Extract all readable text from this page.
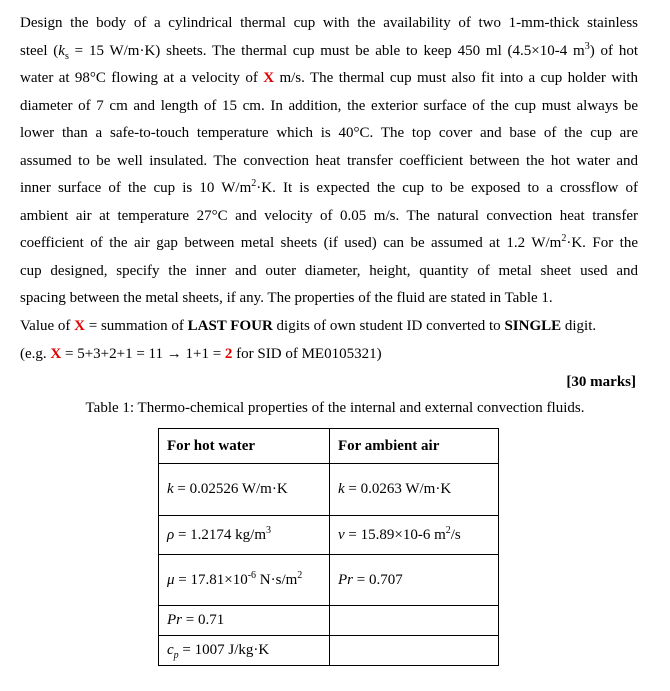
Design the body of a cylindrical thermal cup with the availability of two 1-mm-thick stainless
steel ($k_s = 15$ W/m·K) sheets. The thermal cup must be able to keep 450 ml (4.5×10-4 $m^3$) of hot
water at 98°C flowing at a velocity of X m/s. The thermal cup must also fit into a cup holder with
diameter of 7 cm and length of 15 cm. In addition, the exterior surface of the cup must always be
lower than a safe-to-touch temperature which is 40°C. The top cover and base of the cup are
assumed to be well insulated. The convection heat transfer coefficient between the hot water and
inner surface of the cup is 10 $W/m^2\cdot K$. It is expected the cup to be exposed to a crossflow of
ambient air at temperature 27°C and velocity of 0.05 m/s. The natural convection heat transfer
coefficient of the air gap between metal sheets (if used) can be assumed at 1.2 $W/m^2\cdot K$. For the
cup designed, specify the inner and outer diameter, height, quantity of metal sheet used and
spacing between the metal sheets, if any. The properties of the fluid are stated in Table 1.
Value of X = summation of LAST FOUR digits of own student ID converted to SINGLE digit.
(e.g. X = 5+3+2+1 = 11 → 1+1 = 2 for SID of ME0105321)
[30 marks]
Table 1: Thermo-chemical properties of the internal and external convection fluids.
For hot water	For ambient air
k = 0.02526 W/m·K	k = 0.0263 W/m·K
ρ = 1.2174 $kg/m^3$	v = 15.89×10-6 $m^2/s$
$\mu = 17.81\times 10^{-6}$ $N\cdot s/m^2$	Pr = 0.707
Pr = 0.71	
$c_p = 1007$ J/kg·K	
